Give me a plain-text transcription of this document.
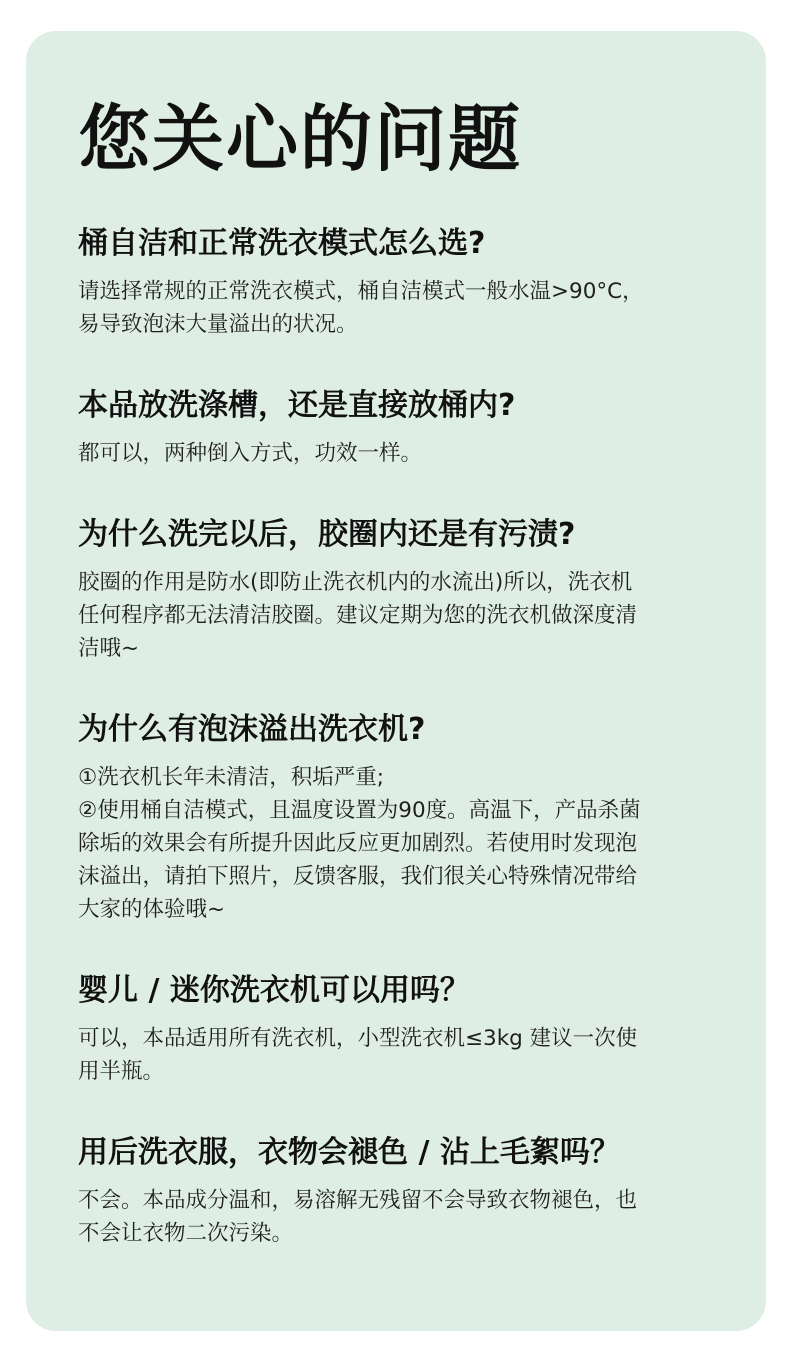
您关心的问题
桶自洁和正常洗衣模式怎么选?

请选择常规的正常洗衣模式，桶自洁模式一般水温>90°C，
易导致泡沫大量溢出的状况。

本品放洗涤槽，还是直接放桶内?

都可以，两种倒入方式，功效一样。

为什么洗完以后，胶圈内还是有污渍?

胶圈的作用是防水(即防止洗衣机内的水流出)所以，洗衣机
任何程序都无法清洁胶圈。建议定期为您的洗衣机做深度清
洁哦~

为什么有泡沫溢出洗衣机?

①洗衣机长年未清洁，积垢严重;
②使用桶自洁模式，且温度设置为90度。高温下，产品杀菌
除垢的效果会有所提升因此反应更加剧烈。若使用时发现泡
沫溢出，请拍下照片，反馈客服，我们很关心特殊情况带给
大家的体验哦~

婴儿 / 迷你洗衣机可以用吗？

可以，本品适用所有洗衣机，小型洗衣机≤3kg 建议一次使
用半瓶。

用后洗衣服，衣物会褪色 / 沾上毛絮吗？

不会。本品成分温和，易溶解无残留不会导致衣物褪色，也
不会让衣物二次污染。
